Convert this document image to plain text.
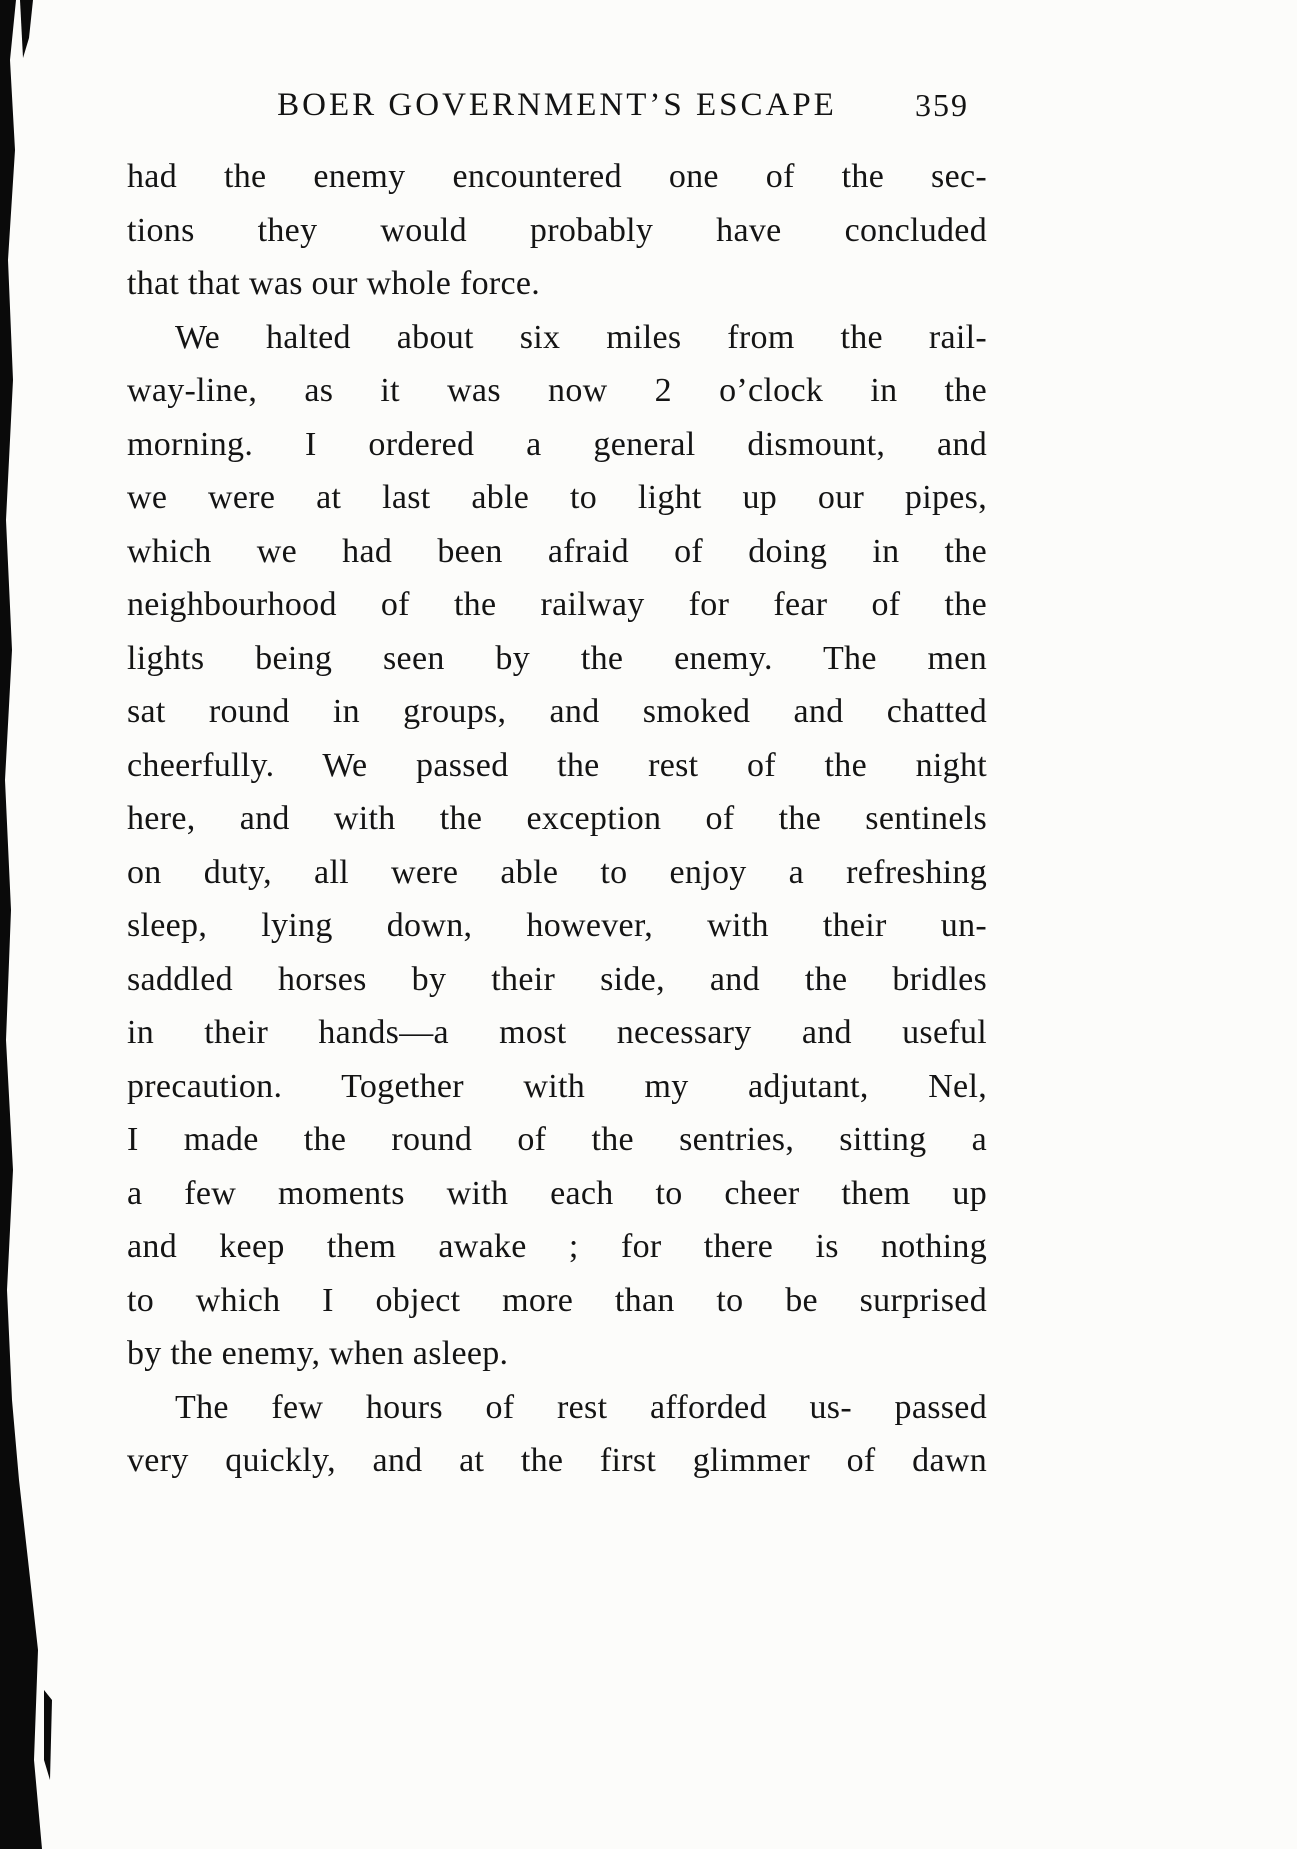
BOER GOVERNMENT’S ESCAPE	359
had the enemy encountered one of the sec-
tions they would probably have concluded
that that was our whole force.
We halted about six miles from the rail-
way-line, as it was now 2 o’clock in the
morning. I ordered a general dismount, and
we were at last able to light up our pipes,
which we had been afraid of doing in the
neighbourhood of the railway for fear of the
lights being seen by the enemy. The men
sat round in groups, and smoked and chatted
cheerfully. We passed the rest of the night
here, and with the exception of the sentinels
on duty, all were able to enjoy a refreshing
sleep, lying down, however, with their un-
saddled horses by their side, and the bridles
in their hands—a most necessary and useful
precaution. Together with my adjutant, Nel,
I made the round of the sentries, sitting a
a few moments with each to cheer them up
and keep them awake ; for there is nothing
to which I object more than to be surprised
by the enemy, when asleep.
The few hours of rest afforded us- passed
very quickly, and at the first glimmer of dawn
